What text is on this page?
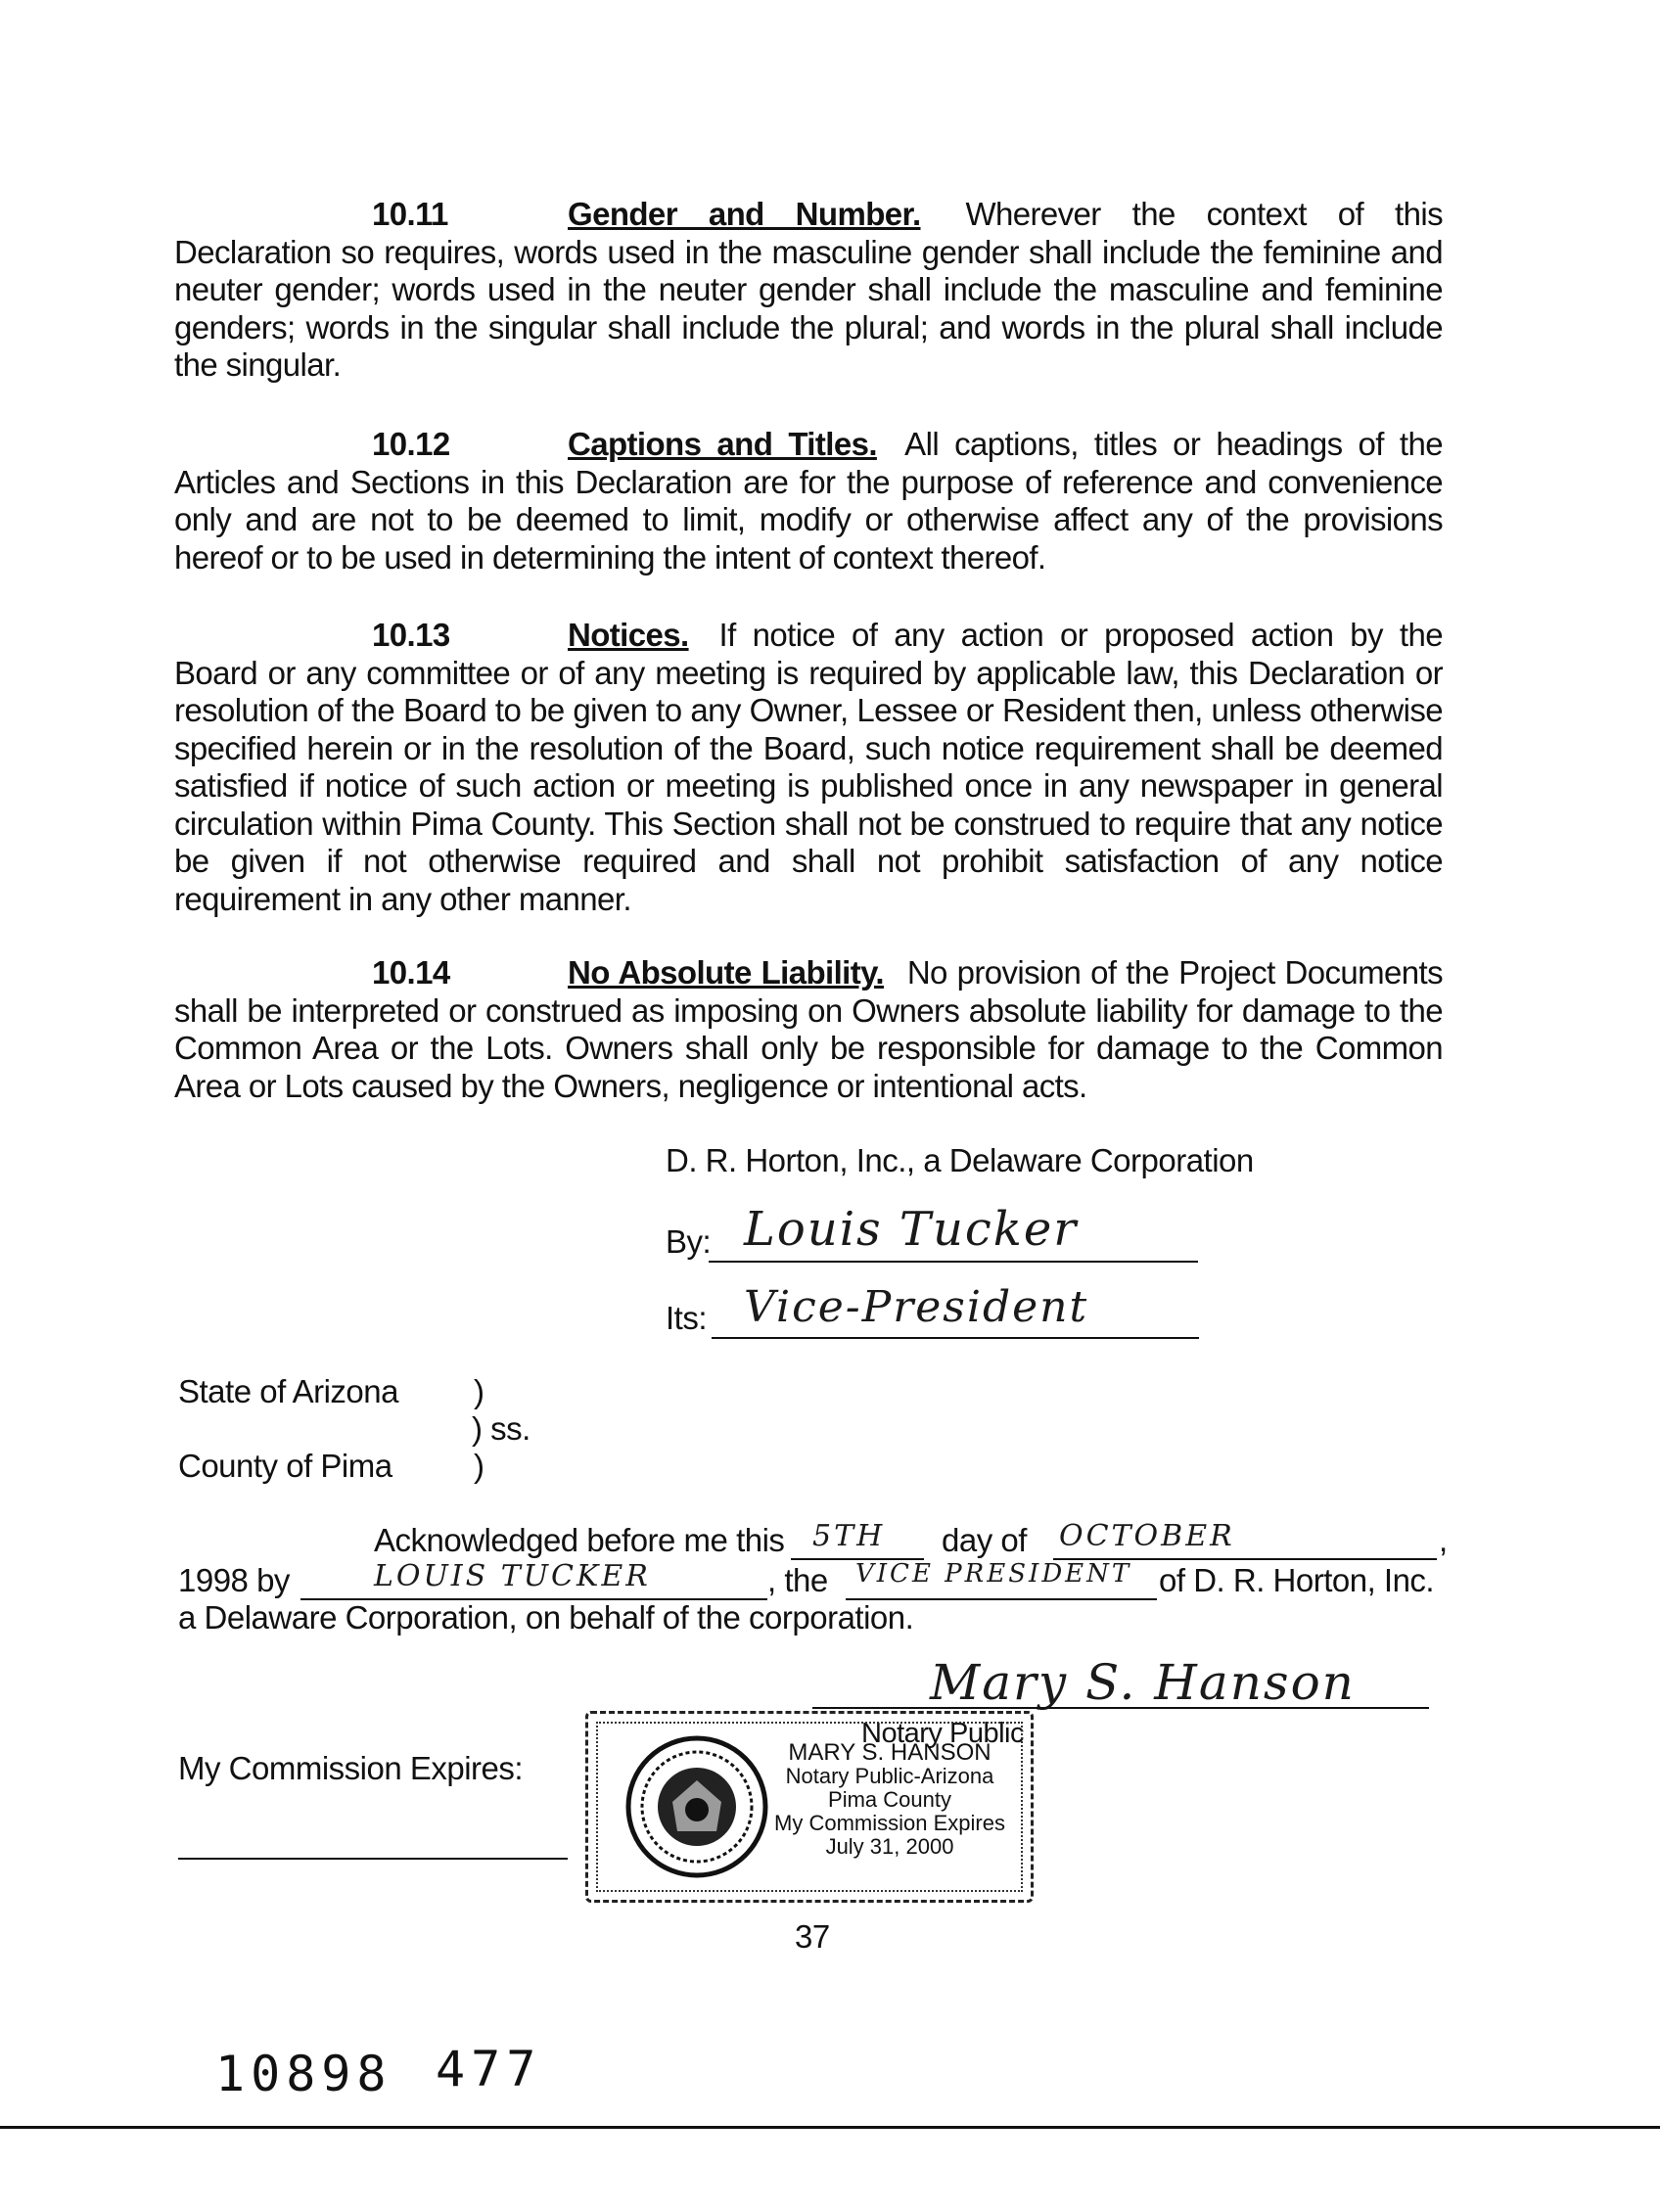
10.11	Gender and Number. Wherever the context of this Declaration so requires, words used in the masculine gender shall include the feminine and neuter gender; words used in the neuter gender shall include the masculine and feminine genders; words in the singular shall include the plural; and words in the plural shall include the singular.
10.12	Captions and Titles. All captions, titles or headings of the Articles and Sections in this Declaration are for the purpose of reference and convenience only and are not to be deemed to limit, modify or otherwise affect any of the provisions hereof or to be used in determining the intent of context thereof.
10.13	Notices. If notice of any action or proposed action by the Board or any committee or of any meeting is required by applicable law, this Declaration or resolution of the Board to be given to any Owner, Lessee or Resident then, unless otherwise specified herein or in the resolution of the Board, such notice requirement shall be deemed satisfied if notice of such action or meeting is published once in any newspaper in general circulation within Pima County. This Section shall not be construed to require that any notice be given if not otherwise required and shall not prohibit satisfaction of any notice requirement in any other manner.
10.14	No Absolute Liability. No provision of the Project Documents shall be interpreted or construed as imposing on Owners absolute liability for damage to the Common Area or the Lots. Owners shall only be responsible for damage to the Common Area or Lots caused by the Owners, negligence or intentional acts.
D. R. Horton, Inc., a Delaware Corporation
By: Louis Tucker
Its: Vice-President
State of Arizona )
) ss.
County of Pima	)
Acknowledged before me this 5TH day of OCTOBER	,
1998 by	LOUIS TUCKER	, the VICE PRESIDENT of D. R. Horton, Inc.
a Delaware Corporation, on behalf of the corporation.
Mary S. Hanson
Notary Public
My Commission Expires:	MARY S. HANSON
Notary Public-Arizona
Pima County
My Commission Expires
July 31, 2000
37
10898 477
